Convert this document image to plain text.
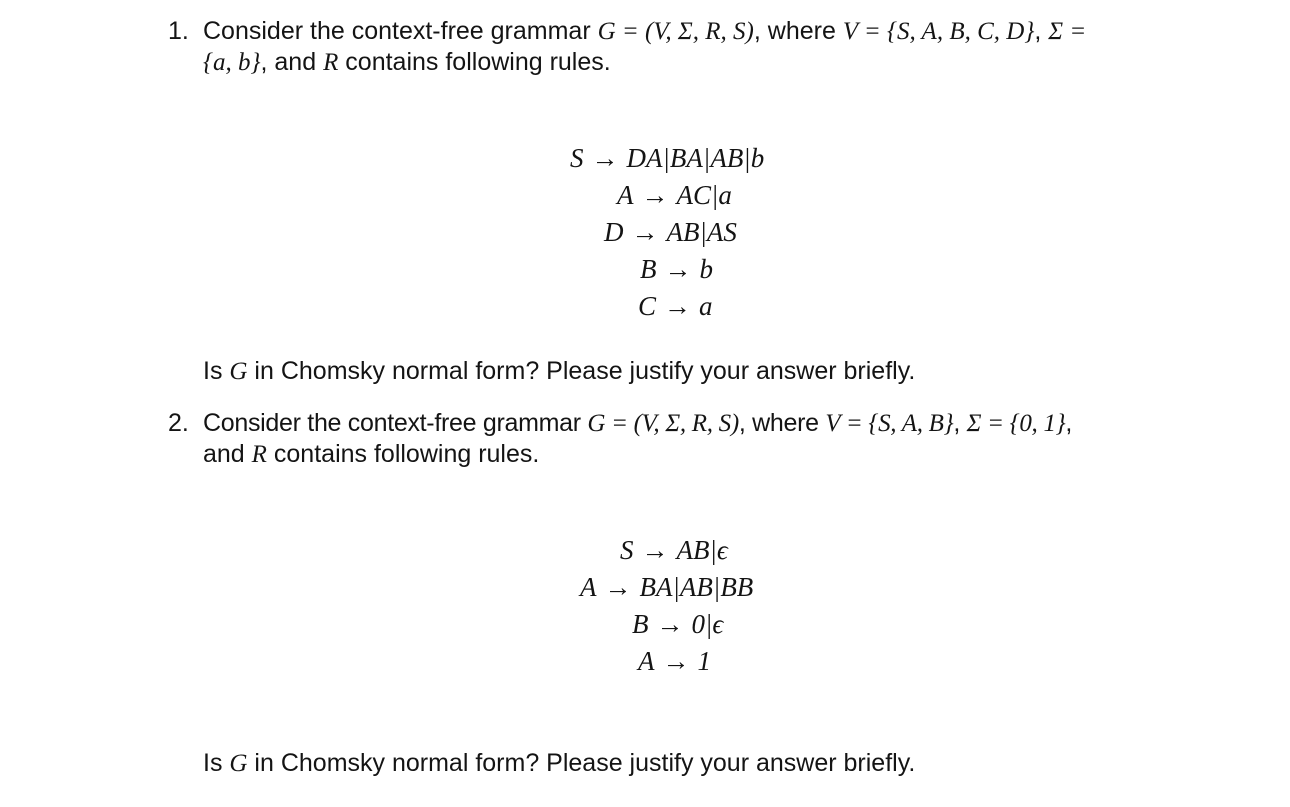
1. Consider the context-free grammar G = (V, Σ, R, S), where V = {S, A, B, C, D}, Σ =
{a, b}, and R contains following rules.
S → DA|BA|AB|b
A → AC|a
D → AB|AS
B → b
C → a
Is G in Chomsky normal form? Please justify your answer briefly.
2. Consider the context-free grammar G = (V, Σ, R, S), where V = {S, A, B}, Σ = {0, 1},
and R contains following rules.
S → AB|ϵ
A → BA|AB|BB
B → 0|ϵ
A → 1
Is G in Chomsky normal form? Please justify your answer briefly.
